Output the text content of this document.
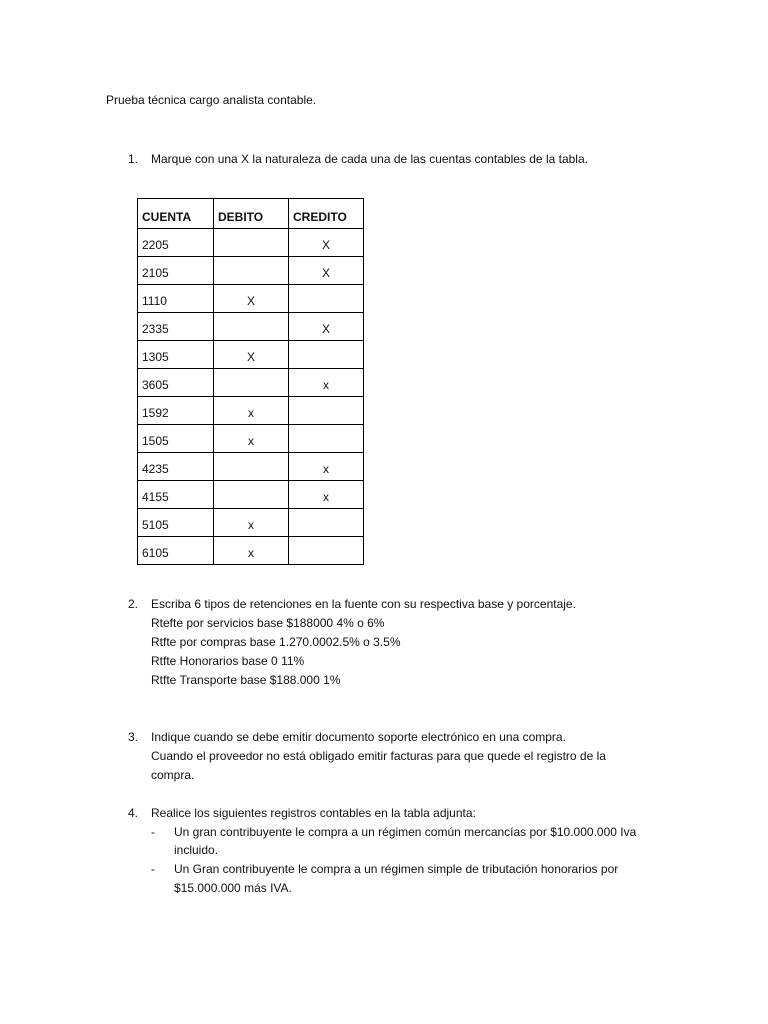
Prueba técnica cargo analista contable.
1. Marque con una X la naturaleza de cada una de las cuentas contables de la tabla.
CUENTA	DEBITO	CREDITO
2205		X
2105		X
1110	X	
2335		X
1305	X	
3605		x
1592	x	
1505	x	
4235		x
4155		x
5105	x	
6105	x	
2. Escriba 6 tipos de retenciones en la fuente con su respectiva base y porcentaje.
Rtefte por servicios base $188000 4% o 6%
Rtfte por compras base 1.270.0002.5% o 3.5%
Rtfte Honorarios base 0 11%
Rtfte Transporte base $188.000 1%
3. Indique cuando se debe emitir documento soporte electrónico en una compra.
Cuando el proveedor no está obligado emitir facturas para que quede el registro de la
compra.
4. Realice los siguientes registros contables en la tabla adjunta:
- Un gran contribuyente le compra a un régimen común mercancías por $10.000.000 Iva
incluido.
- Un Gran contribuyente le compra a un régimen simple de tributación honorarios por
$15.000.000 más IVA.
